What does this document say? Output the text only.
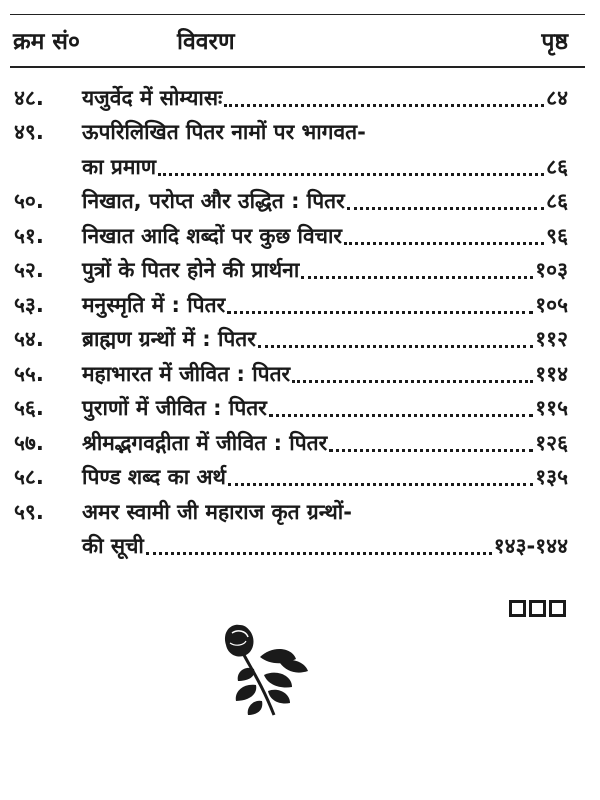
क्रम सं०	विवरण	पृष्ठ
४८.	यजुर्वेद में सोम्यासः	८४
४९.	ऊपरिलिखित पितर नामों पर भागवत-
का प्रमाण	८६
५०.	निखात, परोप्त और उद्धित : पितर	८६
५१.	निखात आदि शब्दों पर कुछ विचार	९६
५२.	पुत्रों के पितर होने की प्रार्थना	१०३
५३.	मनुस्मृति में : पितर	१०५
५४.	ब्राह्मण ग्रन्थों में : पितर	११२
५५.	महाभारत में जीवित : पितर	११४
५६.	पुराणों में जीवित : पितर	११५
५७.	श्रीमद्भगवद्गीता में जीवित : पितर	१२६
५८.	पिण्ड शब्द का अर्थ	१३५
५९.	अमर स्वामी जी महाराज कृत ग्रन्थों-
की सूची	१४३-१४४
